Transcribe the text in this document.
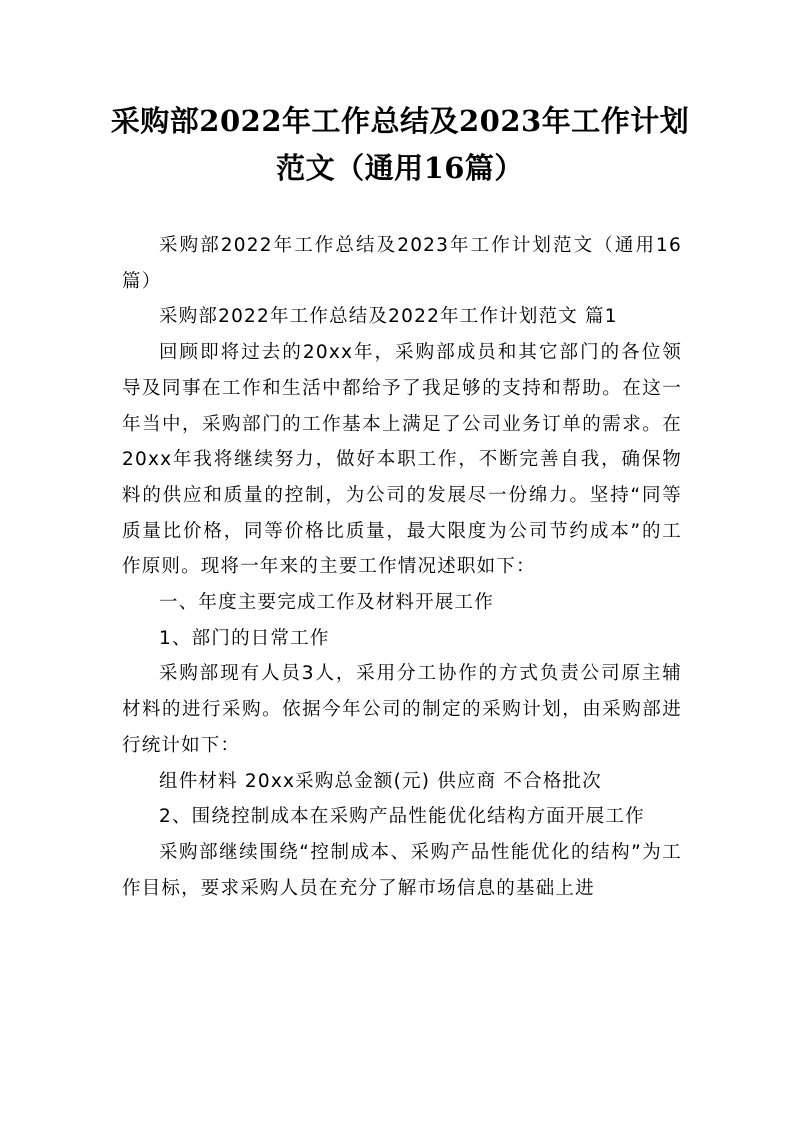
采购部2022年工作总结及2023年工作计划范文（通用16篇）

采购部2022年工作总结及2023年工作计划范文（通用16篇）

采购部2022年工作总结及2022年工作计划范文 篇1

回顾即将过去的20xx年，采购部成员和其它部门的各位领导及同事在工作和生活中都给予了我足够的支持和帮助。在这一年当中，采购部门的工作基本上满足了公司业务订单的需求。在20xx年我将继续努力，做好本职工作，不断完善自我，确保物料的供应和质量的控制，为公司的发展尽一份绵力。坚持“同等质量比价格，同等价格比质量，最大限度为公司节约成本”的工作原则。现将一年来的主要工作情况述职如下：

一、年度主要完成工作及材料开展工作

1、部门的日常工作

采购部现有人员3人，采用分工协作的方式负责公司原主辅材料的进行采购。依据今年公司的制定的采购计划，由采购部进行统计如下：

组件材料 20xx采购总金额(元) 供应商 不合格批次

2、围绕控制成本在采购产品性能优化结构方面开展工作

采购部继续围绕“控制成本、采购产品性能优化的结构”为工作目标，要求采购人员在充分了解市场信息的基础上进
